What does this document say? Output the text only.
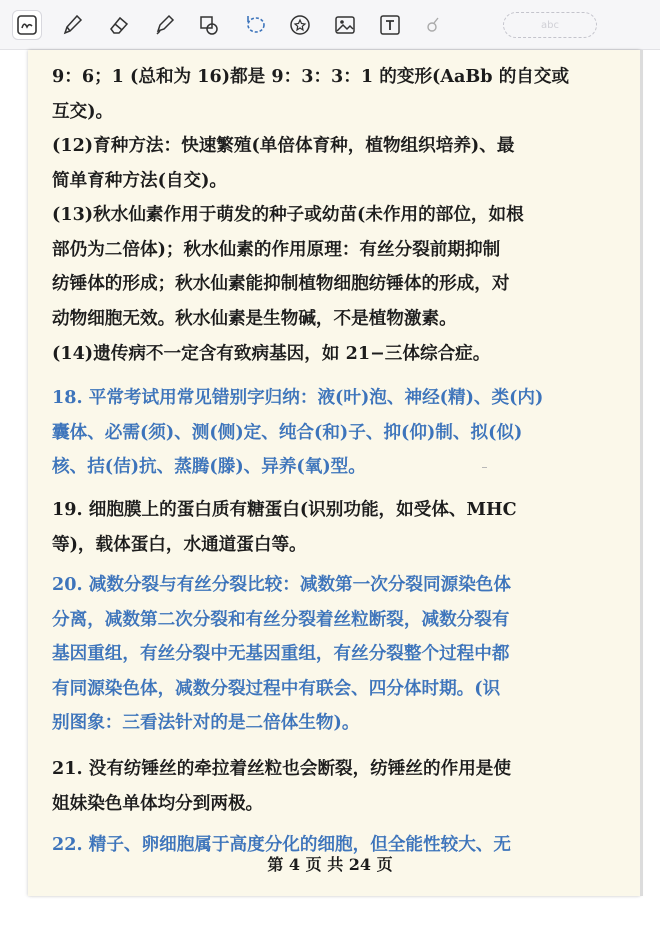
abc
9：6；1 (总和为 16)都是 9：3：3：1 的变形(AaBb 的自交或
互交)。
(12)育种方法：快速繁殖(单倍体育种，植物组织培养)、最
简单育种方法(自交)。
(13)秋水仙素作用于萌发的种子或幼苗(未作用的部位，如根
部仍为二倍体)；秋水仙素的作用原理：有丝分裂前期抑制
纺锤体的形成；秋水仙素能抑制植物细胞纺锤体的形成，对
动物细胞无效。秋水仙素是生物碱，不是植物激素。
(14)遗传病不一定含有致病基因，如 21−三体综合症。
18. 平常考试用常见错别字归纳：液(叶)泡、神经(精)、类(内)
囊体、必需(须)、测(侧)定、纯合(和)子、抑(仰)制、拟(似)
核、拮(佶)抗、蒸腾(滕)、异养(氧)型。
19. 细胞膜上的蛋白质有糖蛋白(识别功能，如受体、MHC
等)，载体蛋白，水通道蛋白等。
20. 减数分裂与有丝分裂比较：减数第一次分裂同源染色体
分离，减数第二次分裂和有丝分裂着丝粒断裂，减数分裂有
基因重组，有丝分裂中无基因重组，有丝分裂整个过程中都
有同源染色体，减数分裂过程中有联会、四分体时期。(识
别图象：三看法针对的是二倍体生物)。
21. 没有纺锤丝的牵拉着丝粒也会断裂，纺锤丝的作用是使
姐妹染色单体均分到两极。
22. 精子、卵细胞属于高度分化的细胞，但全能性较大、无
第 4 页 共 24 页
